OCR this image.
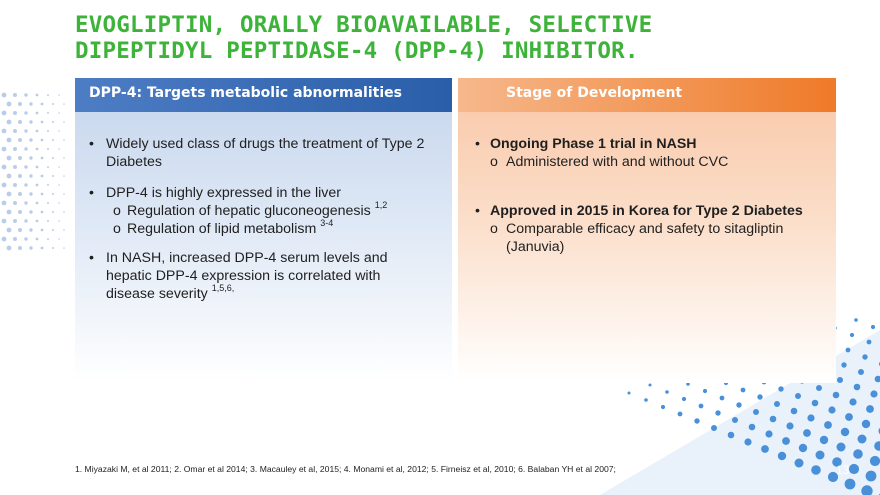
EVOGLIPTIN, ORALLY BIOAVAILABLE, SELECTIVE
DIPEPTIDYL PEPTIDASE-4 (DPP-4) INHIBITOR.
DPP-4: Targets metabolic abnormalities
• Widely used class of drugs the treatment of Type 2
Diabetes
• DPP-4 is highly expressed in the liver
o Regulation of hepatic gluconeogenesis $^{1,2}$
o Regulation of lipid metabolism $^{3-4}$
• In NASH, increased DPP-4 serum levels and
hepatic DPP-4 expression is correlated with
disease severity $^{1,5,6,}$
Stage of Development
• Ongoing Phase 1 trial in NASH
o Administered with and without CVC
• Approved in 2015 in Korea for Type 2 Diabetes
o Comparable efficacy and safety to sitagliptin
(Januvia)
1. Miyazaki M, et al 2011; 2. Omar et al 2014; 3. Macauley et al, 2015; 4. Monami et al, 2012; 5. Firneisz et al, 2010; 6. Balaban YH et al 2007;	13
